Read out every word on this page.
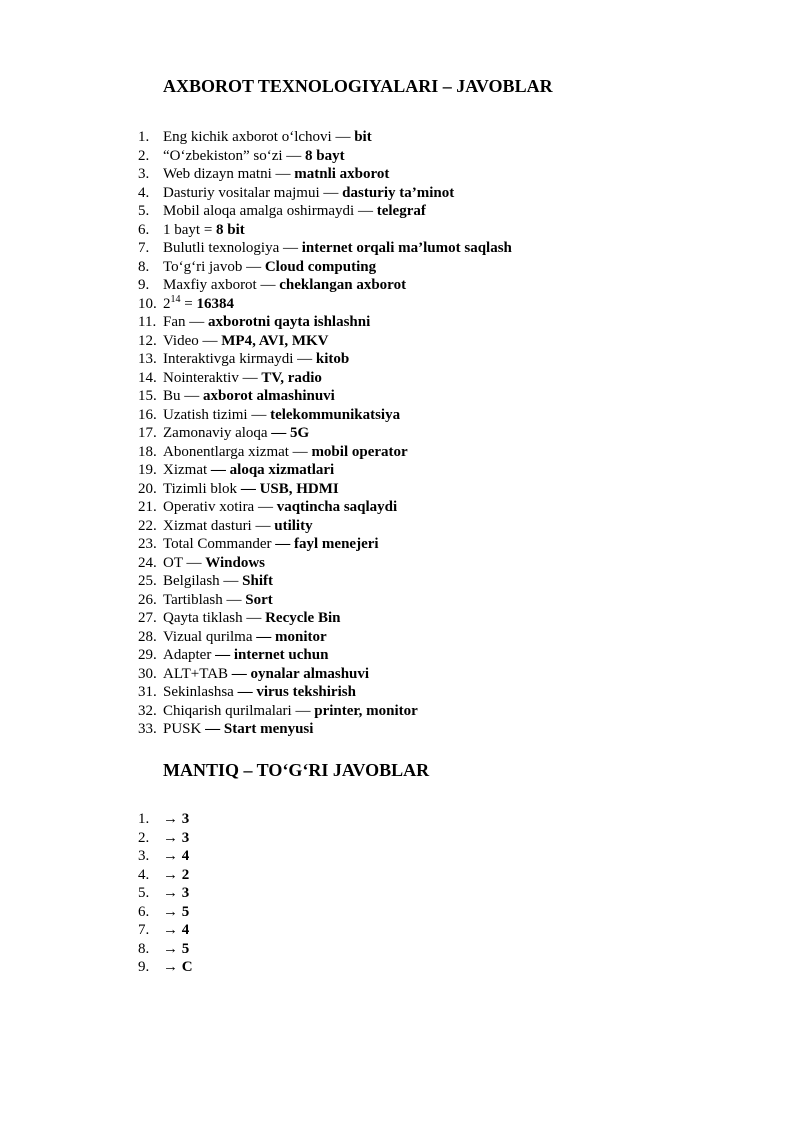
AXBOROT TEXNOLOGIYALARI – JAVOBLAR
1. Eng kichik axborot o‘lchovi — bit
2. “O‘zbekiston” so‘zi — 8 bayt
3. Web dizayn matni — matnli axborot
4. Dasturiy vositalar majmui — dasturiy ta’minot
5. Mobil aloqa amalga oshirmaydi — telegraf
6. 1 bayt = 8 bit
7. Bulutli texnologiya — internet orqali ma’lumot saqlash
8. To‘g‘ri javob — Cloud computing
9. Maxfiy axborot — cheklangan axborot
10. $2^{14} = 16384$
11. Fan — axborotni qayta ishlashni
12. Video — MP4, AVI, MKV
13. Interaktivga kirmaydi — kitob
14. Nointeraktiv — TV, radio
15. Bu — axborot almashinuvi
16. Uzatish tizimi — telekommunikatsiya
17. Zamonaviy aloqa — 5G
18. Abonentlarga xizmat — mobil operator
19. Xizmat — aloqa xizmatlari
20. Tizimli blok — USB, HDMI
21. Operativ xotira — vaqtincha saqlaydi
22. Xizmat dasturi — utility
23. Total Commander — fayl menejeri
24. OT — Windows
25. Belgilash — Shift
26. Tartiblash — Sort
27. Qayta tiklash — Recycle Bin
28. Vizual qurilma — monitor
29. Adapter — internet uchun
30. ALT+TAB — oynalar almashuvi
31. Sekinlashsa — virus tekshirish
32. Chiqarish qurilmalari — printer, monitor
33. PUSK — Start menyusi
MANTIQ – TO‘G‘RI JAVOBLAR
1. → 3
2. → 3
3. → 4
4. → 2
5. → 3
6. → 5
7. → 4
8. → 5
9. → C
